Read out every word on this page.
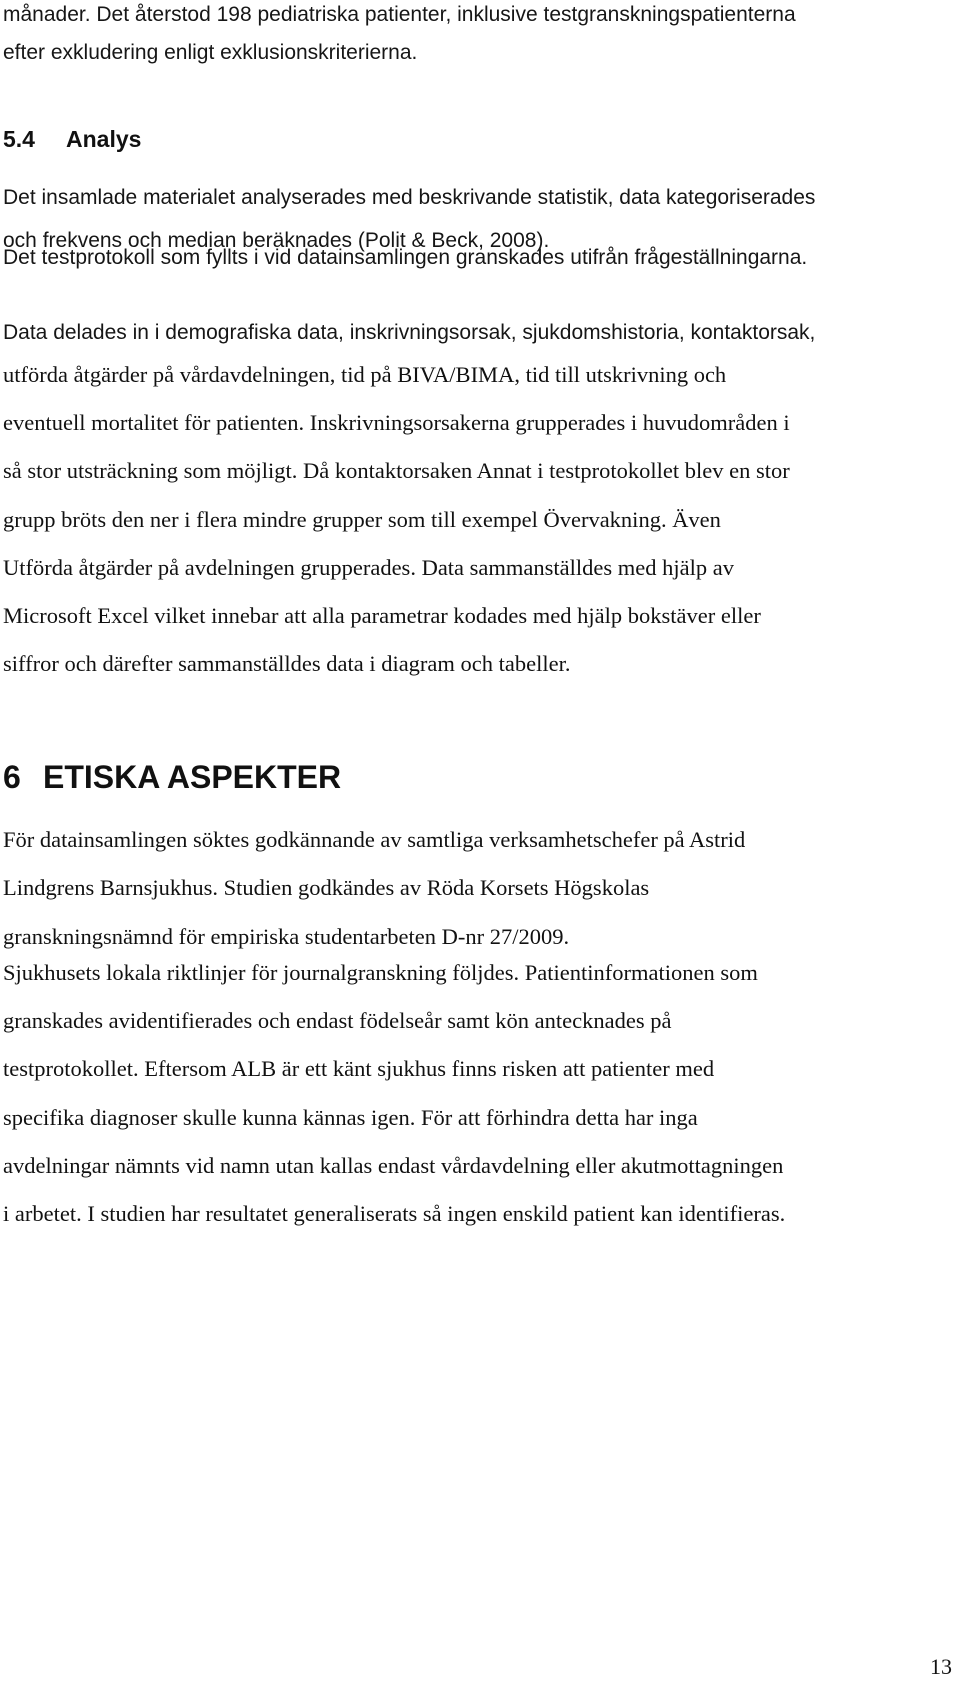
månader. Det återstod 198 pediatriska patienter, inklusive testgranskningspatienterna
efter exkludering enligt exklusionskriterierna.
5.4 Analys
Det insamlade materialet analyserades med beskrivande statistik, data kategoriserades
och frekvens och median beräknades (Polit & Beck, 2008).
Det testprotokoll som fyllts i vid datainsamlingen granskades utifrån frågeställningarna.
Data delades in i demografiska data, inskrivningsorsak, sjukdomshistoria, kontaktorsak,
utförda åtgärder på vårdavdelningen, tid på BIVA/BIMA, tid till utskrivning och
eventuell mortalitet för patienten. Inskrivningsorsakerna grupperades i huvudområden i
så stor utsträckning som möjligt. Då kontaktorsaken Annat i testprotokollet blev en stor
grupp bröts den ner i flera mindre grupper som till exempel Övervakning. Även
Utförda åtgärder på avdelningen grupperades. Data sammanställdes med hjälp av
Microsoft Excel vilket innebar att alla parametrar kodades med hjälp bokstäver eller
siffror och därefter sammanställdes data i diagram och tabeller.
6 ETISKA ASPEKTER
För datainsamlingen söktes godkännande av samtliga verksamhetschefer på Astrid
Lindgrens Barnsjukhus. Studien godkändes av Röda Korsets Högskolas
granskningsnämnd för empiriska studentarbeten D-nr 27/2009.
Sjukhusets lokala riktlinjer för journalgranskning följdes. Patientinformationen som
granskades avidentifierades och endast födelseår samt kön antecknades på
testprotokollet. Eftersom ALB är ett känt sjukhus finns risken att patienter med
specifika diagnoser skulle kunna kännas igen. För att förhindra detta har inga
avdelningar nämnts vid namn utan kallas endast vårdavdelning eller akutmottagningen
i arbetet. I studien har resultatet generaliserats så ingen enskild patient kan identifieras.
13
